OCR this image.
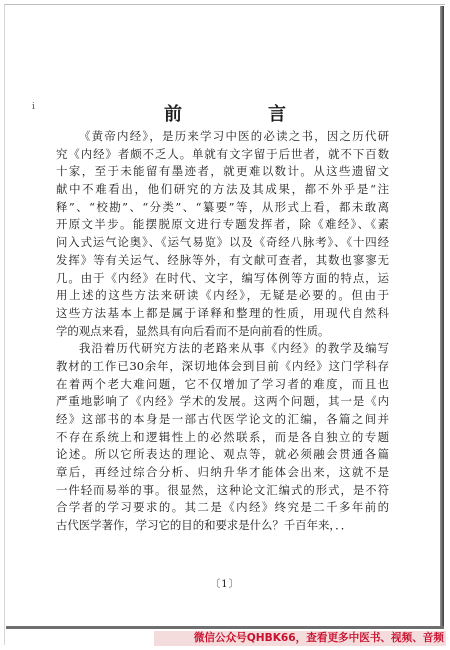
i	前　言
《黄帝内经》，是历来学习中医的必读之书，因之历代研
究《内经》者颇不乏人。单就有文字留于后世者，就不下百数
十家，至于未能留有墨迹者，就更难以数计。从这些遗留文
献中不难看出，他们研究的方法及其成果，都不外乎是“注
释”、“校勘”、“分类”、“纂要”等，从形式上看，都未敢离
开原文半步。能摆脱原文进行专题发挥者，除《难经》、《素
问入式运气论奥》、《运气易览》以及《奇经八脉考》、《十四经
发挥》等有关运气、经脉等外，有文献可查者，其数也寥寥无
几。由于《内经》在时代、文字，编写体例等方面的特点，运
用上述的这些方法来研读《内经》，无疑是必要的。但由于
这些方法基本上都是属于译释和整理的性质，用现代自然科
学的观点来看，显然具有向后看而不是向前看的性质。
我沿着历代研究方法的老路来从事《内经》的教学及编写
教材的工作已30余年，深切地体会到目前《内经》这门学科存
在着两个老大难问题，它不仅增加了学习者的难度，而且也
严重地影响了《内经》学术的发展。这两个问题，其一是《内
经》这部书的本身是一部古代医学论文的汇编，各篇之间并
不存在系统上和逻辑性上的必然联系，而是各自独立的专题
论述。所以它所表达的理论、观点等，就必须融会贯通各篇
章后，再经过综合分析、归纳升华才能体会出来，这就不是
一件轻而易举的事。很显然，这种论文汇编式的形式，是不符
合学者的学习要求的。其二是《内经》终究是二千多年前的
古代医学著作，学习它的目的和要求是什么？千百年来，．．
〔1〕
微信公众号QHBK66，查看更多中医书、视频、音频
